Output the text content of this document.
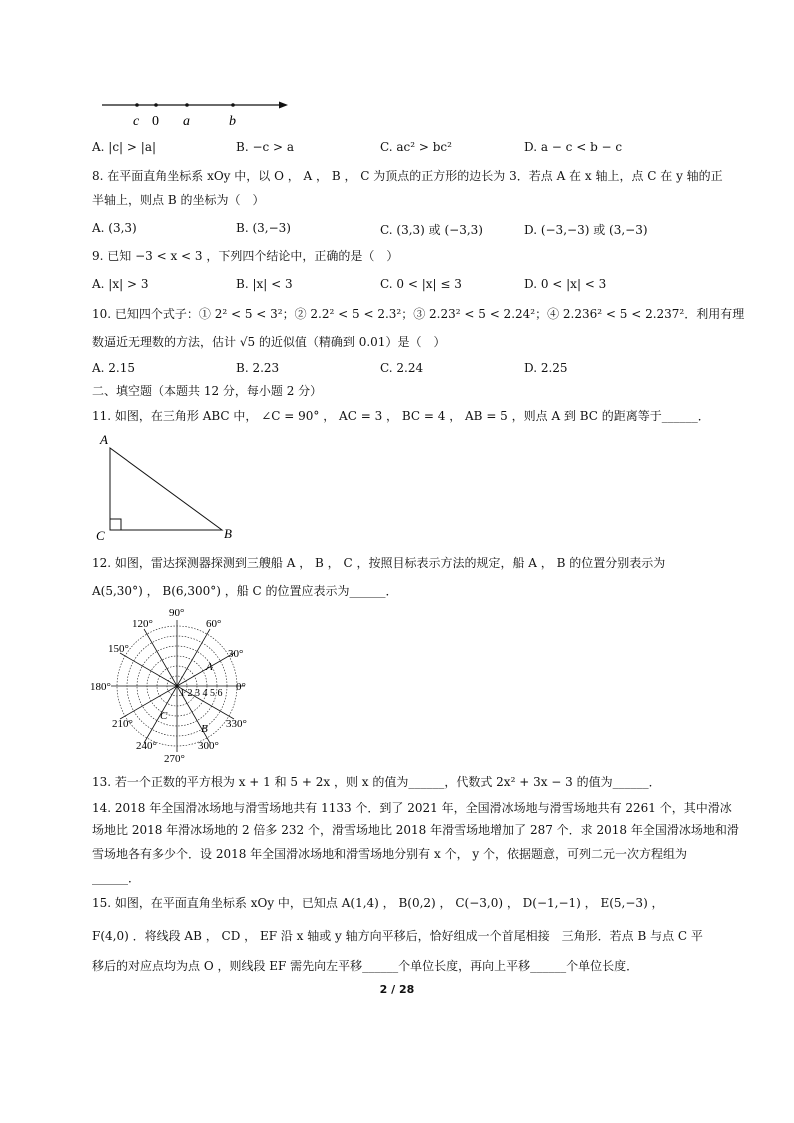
c 0 a	b
A. |c| > |a|	B. −c > a	C. ac² > bc²	D. a − c < b − c
8. 在平面直角坐标系 xOy 中，以 O ， A ， B ， C 为顶点的正方形的边长为 3．若点 A 在 x 轴上，点 C 在 y 轴的正
半轴上，则点 B 的坐标为（　）
A. (3,3)	B. (3,−3)	C. (3,3) 或 (−3,3)	D. (−3,−3) 或 (3,−3)
9. 已知 −3 < x < 3 ，下列四个结论中，正确的是（　）
A. |x| > 3	B. |x| < 3	C. 0 < |x| ≤ 3	D. 0 < |x| < 3
10. 已知四个式子：① 2² < 5 < 3²；② 2.2² < 5 < 2.3²；③ 2.23² < 5 < 2.24²；④ 2.236² < 5 < 2.237²．利用有理
数逼近无理数的方法，估计 √5 的近似值（精确到 0.01）是（　）
A. 2.15	B. 2.23	C. 2.24	D. 2.25
二、填空题（本题共 12 分，每小题 2 分）
11. 如图，在三角形 ABC 中， ∠C = 90° ， AC = 3 ， BC = 4 ， AB = 5 ，则点 A 到 BC 的距离等于______．
A
B
C
12. 如图，雷达探测器探测到三艘船 A ， B ， C ，按照目标表示方法的规定，船 A ， B 的位置分别表示为
A(5,30°) ， B(6,300°) ，船 C 的位置应表示为______．
90°
60°
120°
150°	30°
180°	0°
210°	330°
240°	300°
270°
1 2 3 4 5 6
A
B
C
13. 若一个正数的平方根为 x + 1 和 5 + 2x ，则 x 的值为______，代数式 2x² + 3x − 3 的值为______．
14. 2018 年全国滑冰场地与滑雪场地共有 1133 个．到了 2021 年，全国滑冰场地与滑雪场地共有 2261 个，其中滑冰
场地比 2018 年滑冰场地的 2 倍多 232 个，滑雪场地比 2018 年滑雪场地增加了 287 个．求 2018 年全国滑冰场地和滑
雪场地各有多少个．设 2018 年全国滑冰场地和滑雪场地分别有 x 个， y 个，依据题意，可列二元一次方程组为
______．
15. 如图，在平面直角坐标系 xOy 中，已知点 A(1,4) ， B(0,2) ， C(−3,0) ， D(−1,−1) ， E(5,−3) ，
F(4,0) ．将线段 AB ， CD ， EF 沿 x 轴或 y 轴方向平移后，恰好组成一个首尾相接　三角形．若点 B 与点 C 平
移后的对应点均为点 O ，则线段 EF 需先向左平移______个单位长度，再向上平移______个单位长度．
2 / 28
